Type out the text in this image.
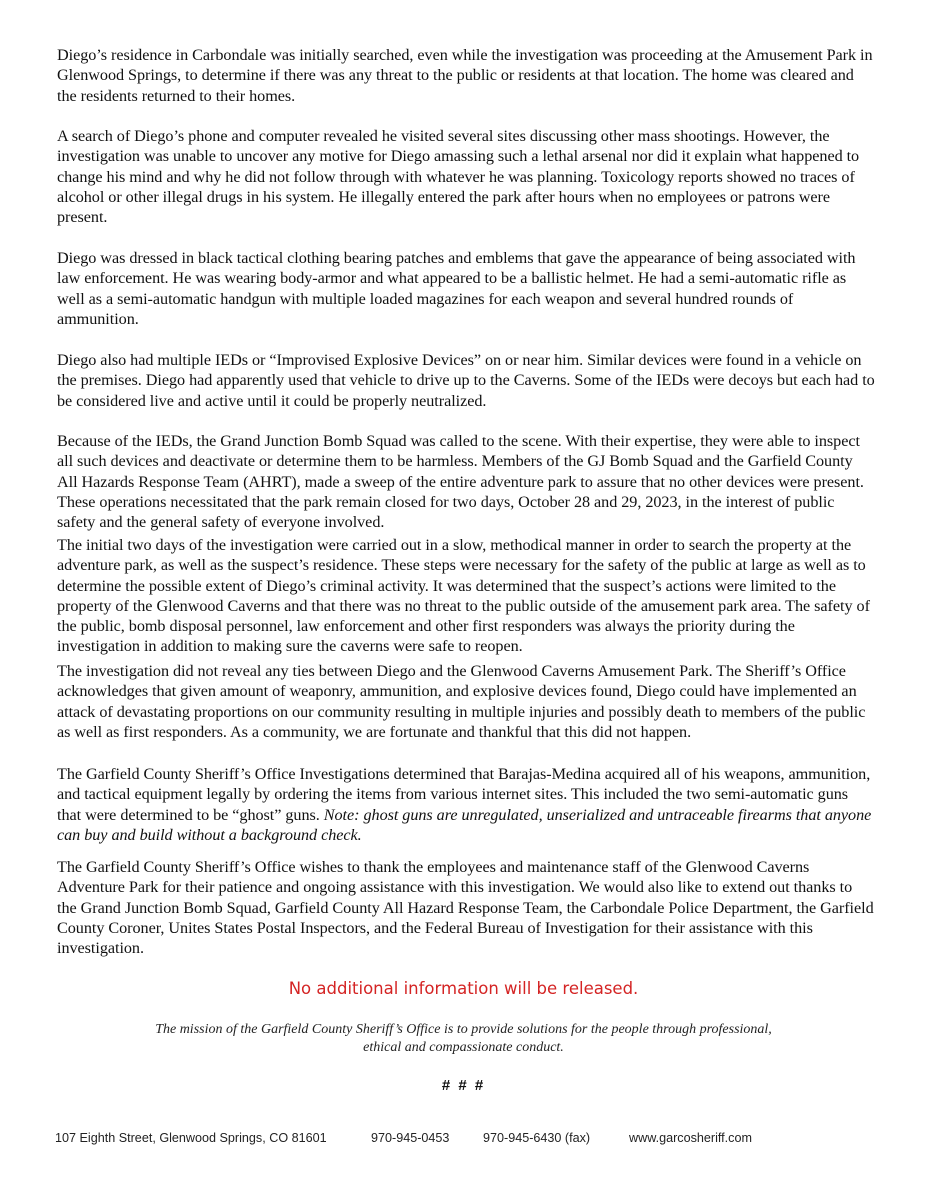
Diego’s residence in Carbondale was initially searched, even while the investigation was proceeding at the Amusement Park in Glenwood Springs, to determine if there was any threat to the public or residents at that location. The home was cleared and the residents returned to their homes.

A search of Diego’s phone and computer revealed he visited several sites discussing other mass shootings. However, the investigation was unable to uncover any motive for Diego amassing such a lethal arsenal nor did it explain what happened to change his mind and why he did not follow through with whatever he was planning. Toxicology reports showed no traces of alcohol or other illegal drugs in his system. He illegally entered the park after hours when no employees or patrons were present.

Diego was dressed in black tactical clothing bearing patches and emblems that gave the appearance of being associated with law enforcement. He was wearing body-armor and what appeared to be a ballistic helmet. He had a semi-automatic rifle as well as a semi-automatic handgun with multiple loaded magazines for each weapon and several hundred rounds of ammunition.

Diego also had multiple IEDs or “Improvised Explosive Devices” on or near him. Similar devices were found in a vehicle on the premises. Diego had apparently used that vehicle to drive up to the Caverns. Some of the IEDs were decoys but each had to be considered live and active until it could be properly neutralized.

Because of the IEDs, the Grand Junction Bomb Squad was called to the scene. With their expertise, they were able to inspect all such devices and deactivate or determine them to be harmless. Members of the GJ Bomb Squad and the Garfield County All Hazards Response Team (AHRT), made a sweep of the entire adventure park to assure that no other devices were present. These operations necessitated that the park remain closed for two days, October 28 and 29, 2023, in the interest of public safety and the general safety of everyone involved.

The initial two days of the investigation were carried out in a slow, methodical manner in order to search the property at the adventure park, as well as the suspect’s residence. These steps were necessary for the safety of the public at large as well as to determine the possible extent of Diego’s criminal activity. It was determined that the suspect’s actions were limited to the property of the Glenwood Caverns and that there was no threat to the public outside of the amusement park area. The safety of the public, bomb disposal personnel, law enforcement and other first responders was always the priority during the investigation in addition to making sure the caverns were safe to reopen.

The investigation did not reveal any ties between Diego and the Glenwood Caverns Amusement Park. The Sheriff’s Office acknowledges that given amount of weaponry, ammunition, and explosive devices found, Diego could have implemented an attack of devastating proportions on our community resulting in multiple injuries and possibly death to members of the public as well as first responders. As a community, we are fortunate and thankful that this did not happen.

The Garfield County Sheriff’s Office Investigations determined that Barajas-Medina acquired all of his weapons, ammunition, and tactical equipment legally by ordering the items from various internet sites. This included the two semi-automatic guns that were determined to be “ghost” guns. Note: ghost guns are unregulated, unserialized and untraceable firearms that anyone can buy and build without a background check.

The Garfield County Sheriff’s Office wishes to thank the employees and maintenance staff of the Glenwood Caverns Adventure Park for their patience and ongoing assistance with this investigation. We would also like to extend out thanks to the Grand Junction Bomb Squad, Garfield County All Hazard Response Team, the Carbondale Police Department, the Garfield County Coroner, Unites States Postal Inspectors, and the Federal Bureau of Investigation for their assistance with this investigation.

No additional information will be released.

The mission of the Garfield County Sheriff’s Office is to provide solutions for the people through professional, ethical and compassionate conduct.

# # #

107 Eighth Street, Glenwood Springs, CO 81601	970-945-0453	970-945-6430 (fax)	www.garcosheriff.com
